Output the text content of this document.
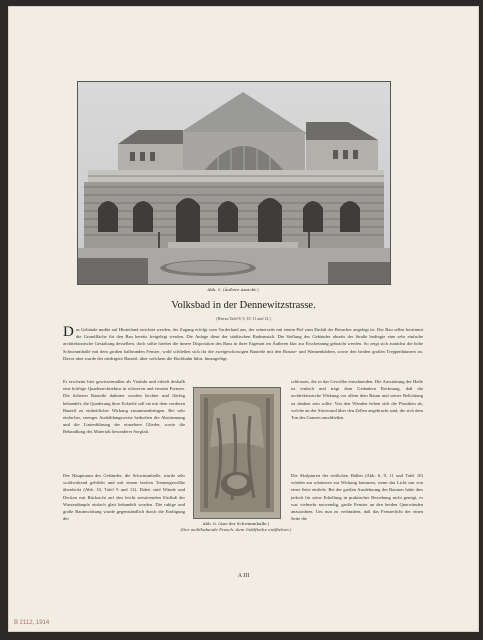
Abb. 5. (Äußere Ansicht.)
Volksbad in der Dennewitzstrasse.
(Hierzu Tafel 8, 9, 10, 11 und 12.)

Das Gebäude mußte auf Hinterland errichtet werden, der Zugang erfolgt vom Vorderland aus, der seinerseits mit einem Hof zum Einlaß der Besucher angelegt ist. Der Bau selbst bestimmt die Grundfläche für den Bau bereits freigelegt werden. Die Anlage dient der städtischen Badeanstalt. Die Stellung des Gebäudes abseits der Straße bedingte eine sehr einfache architektonische Gestaltung desselben, doch sollte hierbei die innere Disposition des Baus in ihrer Eigenart im Äußeren klar zur Erscheinung gebracht werden. So zeigt sich zunächst die hohe Schwimmhalle mit dem großen halbrunden Fenster, wohl schließen sich ihr die zweigeschossigen Bauteile mit den Brause- und Wannenbädern, sowie den beiden großen Treppenhäusern an. Davor aber wurde der niedrigere Bauteil, über welchem die Hochbahn führt, hinzugefügt.

Er erscheint hier gewissermaßen als Viadukt und erhielt deshalb eine kräftige Quaderarchitektur in schweren und ernsten Formen. Die höheren Bauteile dahinter wurden leichter und flächig behandelt, die Quaderung ihrer Eckteile soll sie mit dem vorderen Bauteil zu einheitlicher Wirkung zusammenbringen. Bei sehr einfacher, strenger Ausbildungsweise bedurften die Abstimmung und die Linienführung der einzelnen Glieder, sowie die Behandlung des Materials besonderer Sorgfalt.

Der Hauptraum des Gebäudes, die Schwimmhalle, wurde sehr wohlwirkend gebildet und mit einem breiten Tonnengewölbe überdeckt (Abb. 10, Tafel 9 und 12). Dabei sind Wände und Decken mit Rücksicht auf den leicht zerstörenden Einfluß der Wasserdämpfe einfach glatt behandelt worden. Die ruhige und große Raumwirkung wurde gegenständlich durch die Einfügung der

Abb. 6. (Aus der Schwimmhalle.)
(Der wohlhabende Frosch, dem Goldfische entfliehen.)

schlossen, die in das Gewölbe einschneiden. Die Ausstattung der Halle ist einfach und trägt dem Gedanken Rechnung, daß die architektonische Wirkung vor allem dem Raum und seiner Belichtung zu danken sein sollte. Von den Wänden heben sich die Plastiken ab, welche an der Stirnwand über den Zellen angebracht sind, die sich dem Ton des Ganzen anschließen.

Die Skulpturen der seitlichen Hallen (Abb. 6, 9, 11 und Tafel 10) würden am schönsten zur Wirkung kommen, wenn das Licht nur von einer Seite einfiele. Bei der großen Ausdehnung des Raumes hätte dies jedoch für seine Erhellung in praktischer Beziehung nicht genügt, es war vielmehr notwendig, große Fenster an den beiden Querwänden anzuordnen. Um nun zu verhindern, daß das Fensterlicht der einen Seite die

A III
B 2112, 1914
